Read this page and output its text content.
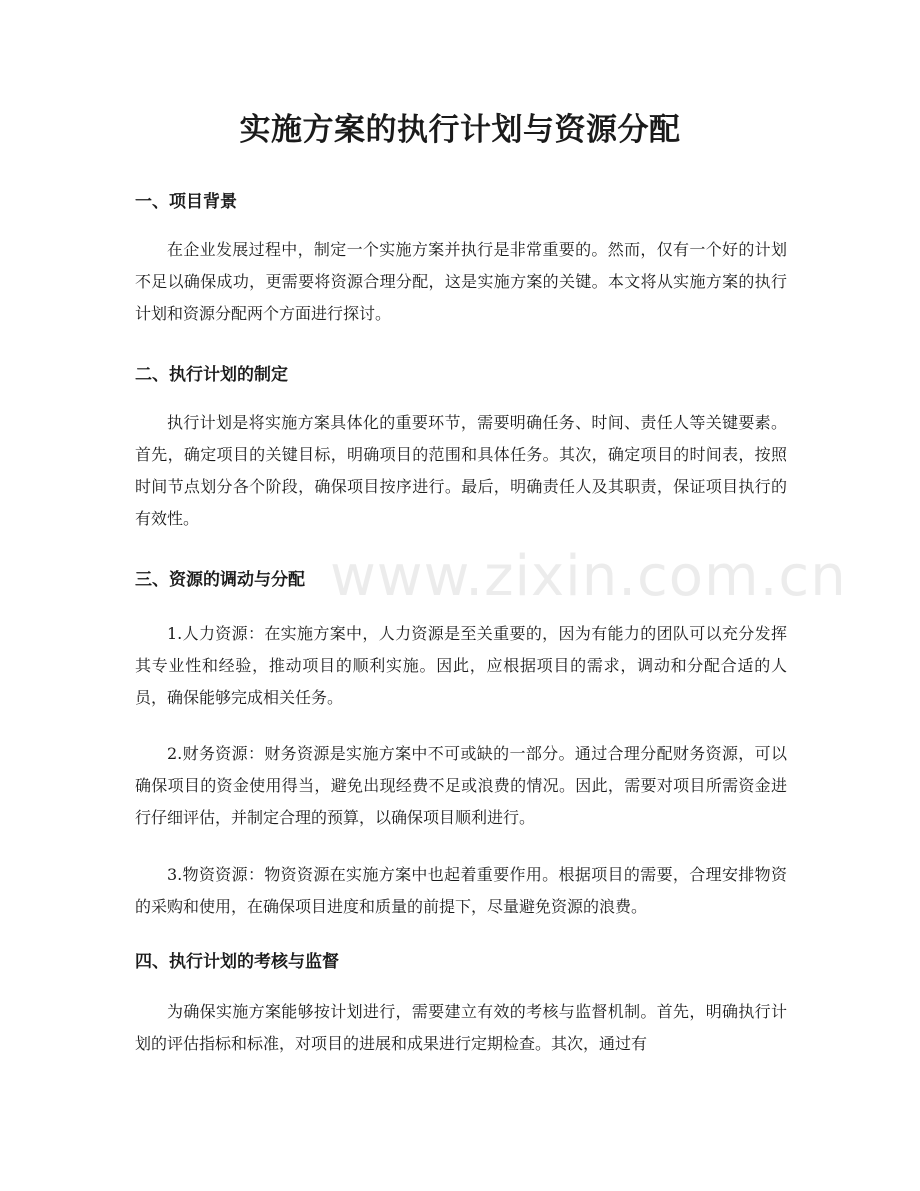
实施方案的执行计划与资源分配
一、项目背景

在企业发展过程中，制定一个实施方案并执行是非常重要的。然而，仅有一个好的计划不足以确保成功，更需要将资源合理分配，这是实施方案的关键。本文将从实施方案的执行计划和资源分配两个方面进行探讨。

二、执行计划的制定

执行计划是将实施方案具体化的重要环节，需要明确任务、时间、责任人等关键要素。首先，确定项目的关键目标，明确项目的范围和具体任务。其次，确定项目的时间表，按照时间节点划分各个阶段，确保项目按序进行。最后，明确责任人及其职责，保证项目执行的有效性。

三、资源的调动与分配

1.人力资源：在实施方案中，人力资源是至关重要的，因为有能力的团队可以充分发挥其专业性和经验，推动项目的顺利实施。因此，应根据项目的需求，调动和分配合适的人员，确保能够完成相关任务。

2.财务资源：财务资源是实施方案中不可或缺的一部分。通过合理分配财务资源，可以确保项目的资金使用得当，避免出现经费不足或浪费的情况。因此，需要对项目所需资金进行仔细评估，并制定合理的预算，以确保项目顺利进行。

3.物资资源：物资资源在实施方案中也起着重要作用。根据项目的需要，合理安排物资的采购和使用，在确保项目进度和质量的前提下，尽量避免资源的浪费。

四、执行计划的考核与监督

为确保实施方案能够按计划进行，需要建立有效的考核与监督机制。首先，明确执行计划的评估指标和标准，对项目的进展和成果进行定期检查。其次，通过有

www.zixin.com.cn
